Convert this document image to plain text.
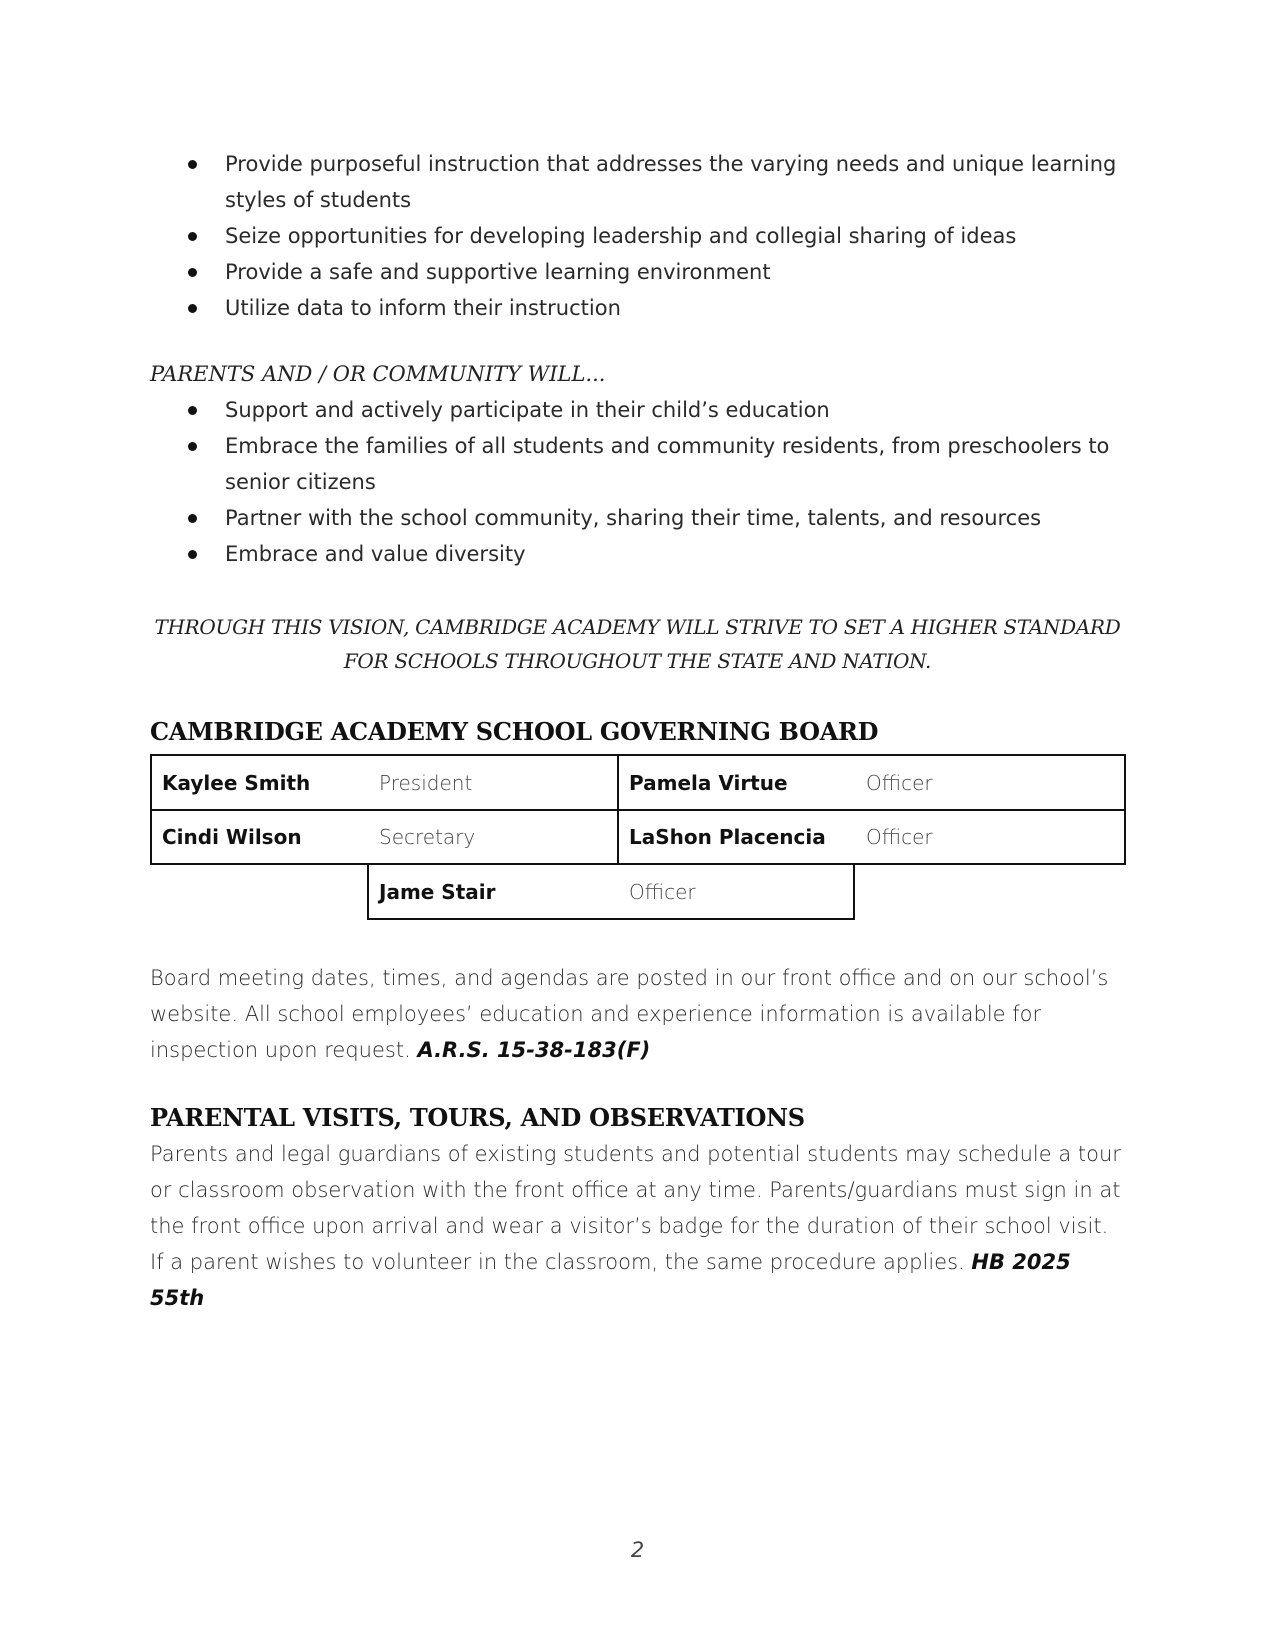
Provide purposeful instruction that addresses the varying needs and unique learning styles of students
Seize opportunities for developing leadership and collegial sharing of ideas
Provide a safe and supportive learning environment
Utilize data to inform their instruction
PARENTS AND / OR COMMUNITY WILL...
Support and actively participate in their child’s education
Embrace the families of all students and community residents, from preschoolers to senior citizens
Partner with the school community, sharing their time, talents, and resources
Embrace and value diversity
THROUGH THIS VISION, CAMBRIDGE ACADEMY WILL STRIVE TO SET A HIGHER STANDARD FOR SCHOOLS THROUGHOUT THE STATE AND NATION.
CAMBRIDGE ACADEMY SCHOOL GOVERNING BOARD
Kaylee Smith	President	Pamela Virtue	Officer
Cindi Wilson	Secretary	LaShon Placencia	Officer
Jame Stair	Officer
Board meeting dates, times, and agendas are posted in our front office and on our school’s website. All school employees’ education and experience information is available for inspection upon request. A.R.S. 15-38-183(F)
PARENTAL VISITS, TOURS, AND OBSERVATIONS
Parents and legal guardians of existing students and potential students may schedule a tour or classroom observation with the front office at any time. Parents/guardians must sign in at the front office upon arrival and wear a visitor’s badge for the duration of their school visit. If a parent wishes to volunteer in the classroom, the same procedure applies. HB 2025 55th
2
